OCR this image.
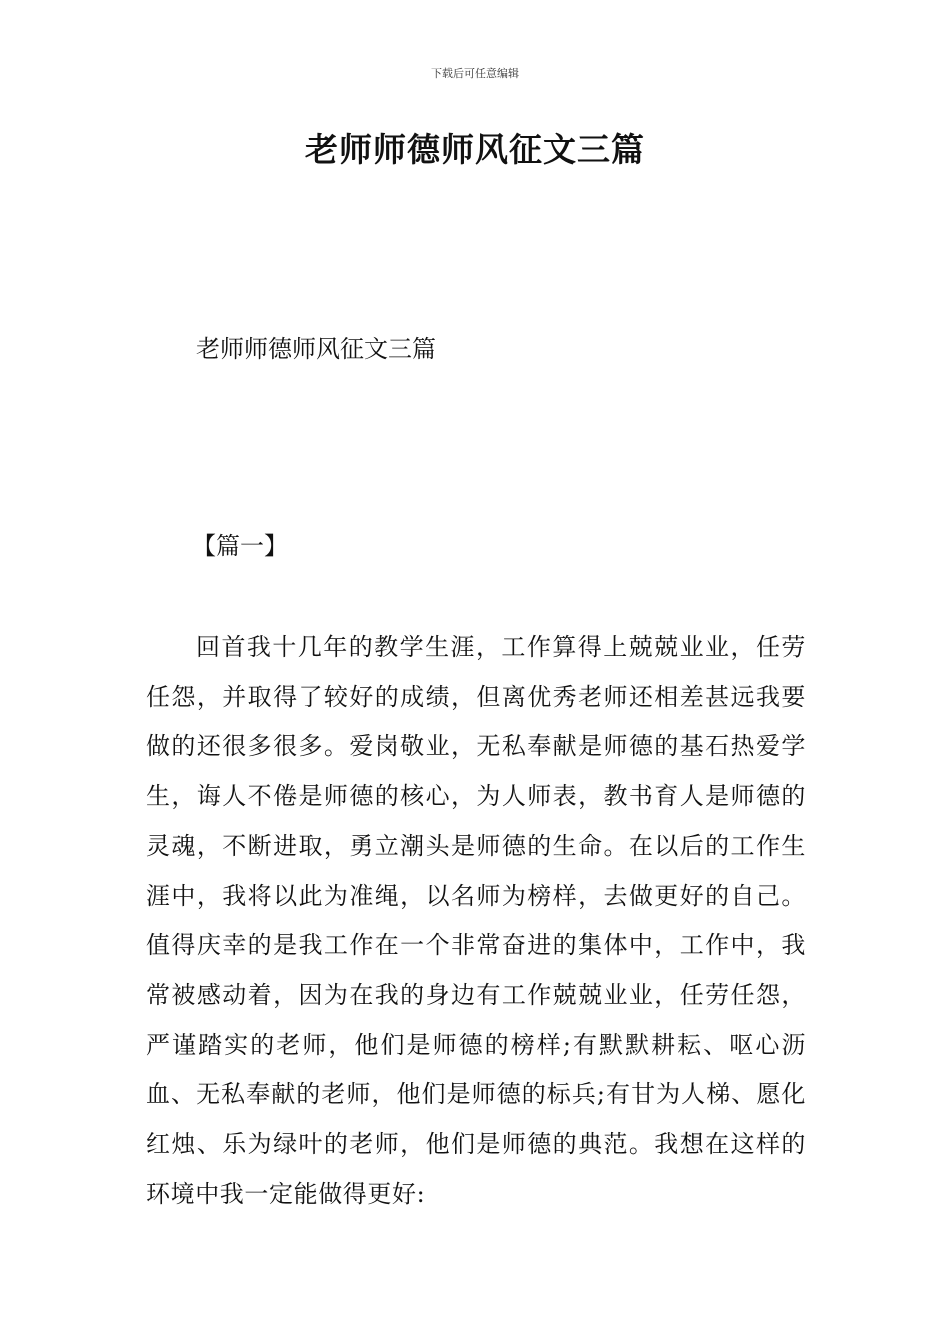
下载后可任意编辑
老师师德师风征文三篇
老师师德师风征文三篇
【篇一】

回首我十几年的教学生涯，工作算得上兢兢业业，任劳任怨，并取得了较好的成绩，但离优秀老师还相差甚远我要做的还很多很多。爱岗敬业，无私奉献是师德的基石热爱学生，诲人不倦是师德的核心，为人师表，教书育人是师德的灵魂，不断进取，勇立潮头是师德的生命。在以后的工作生涯中，我将以此为准绳，以名师为榜样，去做更好的自己。值得庆幸的是我工作在一个非常奋进的集体中，工作中，我常被感动着，因为在我的身边有工作兢兢业业，任劳任怨，严谨踏实的老师，他们是师德的榜样;有默默耕耘、呕心沥血、无私奉献的老师，他们是师德的标兵;有甘为人梯、愿化红烛、乐为绿叶的老师，他们是师德的典范。我想在这样的环境中我一定能做得更好:
